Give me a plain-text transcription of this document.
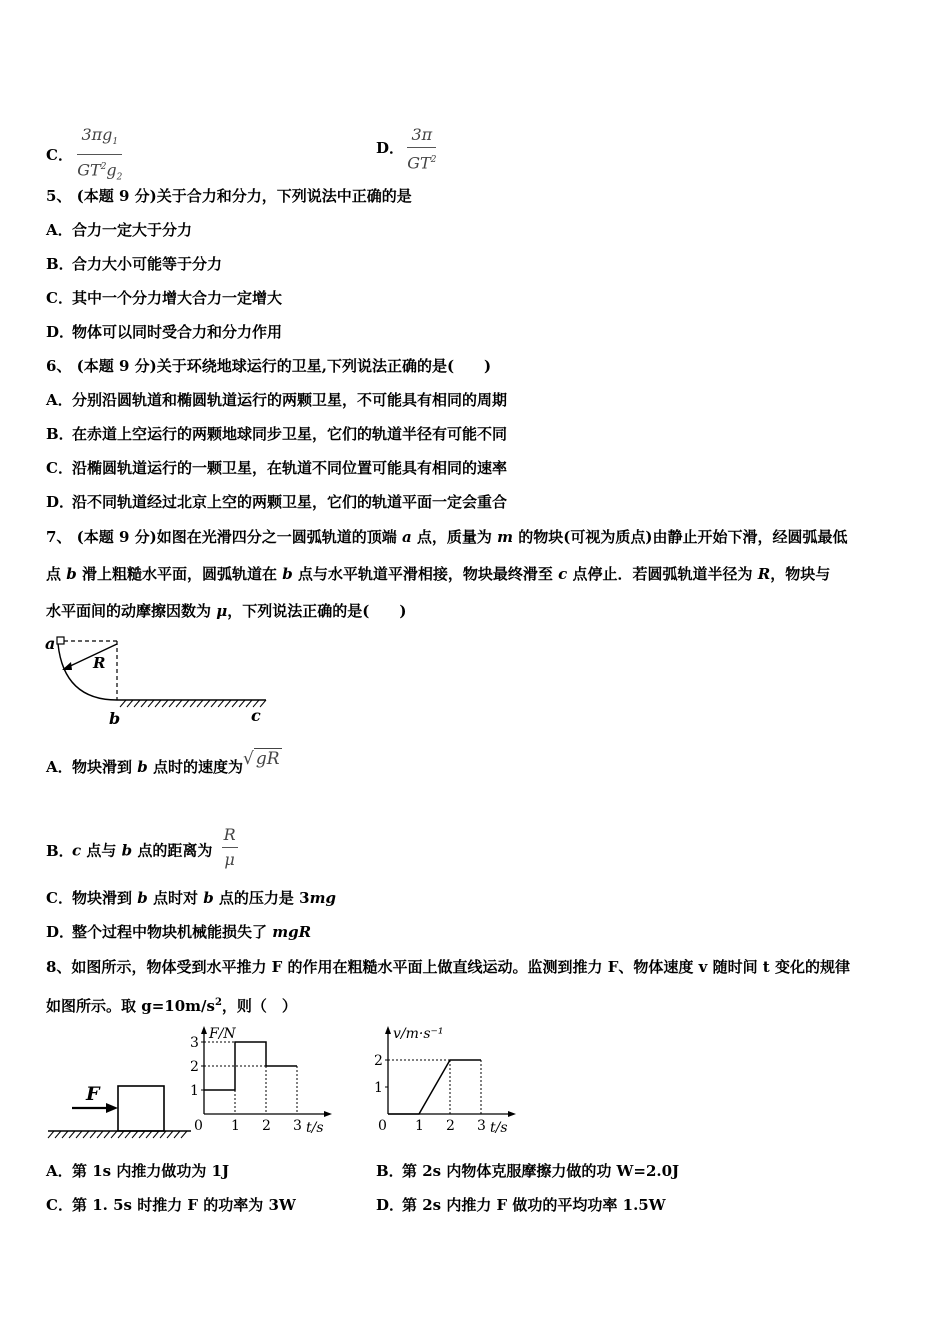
C． $\frac{3\pi g_1}{GT^2g_2}$	D． $\frac{3\pi}{GT^2}$
5、 (本题 9 分)关于合力和分力，下列说法中正确的是
A．合力一定大于分力
B．合力大小可能等于分力
C．其中一个分力增大合力一定增大
D．物体可以同时受合力和分力作用
6、 (本题 9 分)关于环绕地球运行的卫星,下列说法正确的是(　　)
A．分别沿圆轨道和椭圆轨道运行的两颗卫星，不可能具有相同的周期
B．在赤道上空运行的两颗地球同步卫星，它们的轨道半径有可能不同
C．沿椭圆轨道运行的一颗卫星，在轨道不同位置可能具有相同的速率
D．沿不同轨道经过北京上空的两颗卫星，它们的轨道平面一定会重合
7、 (本题 9 分)如图在光滑四分之一圆弧轨道的顶端 a 点，质量为 m 的物块(可视为质点)由静止开始下滑，经圆弧最低
点 b 滑上粗糙水平面，圆弧轨道在 b 点与水平轨道平滑相接，物块最终滑至 c 点停止．若圆弧轨道半径为 R，物块与
水平面间的动摩擦因数为 μ，下列说法正确的是(　　)
a
R
b	c
A．物块滑到 b 点时的速度为√ gR
B．c 点与 b 点的距离为 $\frac{R}{\mu}$
C．物块滑到 b 点时对 b 点的压力是 3mg
D．整个过程中物块机械能损失了 mgR
8、如图所示，物体受到水平推力 F 的作用在粗糙水平面上做直线运动。监测到推力 F、物体速度 v 随时间 t 变化的规律
如图所示。取 $g=10m/s^2$，则（　）
F
F/N
t/s
0 1 2 3
1
2
3
v/m·s⁻¹
t/s
0 1 2 3
1
2
A．第 1s 内推力做功为 1J	B．第 2s 内物体克服摩擦力做的功 W=2.0J
C．第 1. 5s 时推力 F 的功率为 3W	D．第 2s 内推力 F 做功的平均功率 1.5W
